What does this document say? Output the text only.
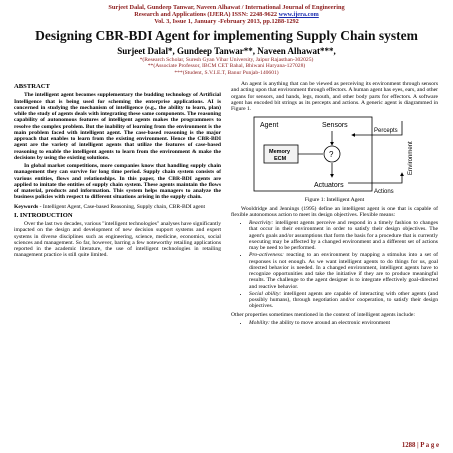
Surjeet Dalal, Gundeep Tanwar, Naveen Alhawat / International Journal of Engineering
Research and Applications (IJERA) ISSN: 2248-9622 www.ijera.com
Vol. 3, Issue 1, January -February 2013, pp.1288-1292
Designing CBR-BDI Agent for implementing Supply Chain system
Surjeet Dalal*, Gundeep Tanwar**, Naveen Alhawat***,
*(Research Scholar, Suresh Gyan Vihar University, Jaipur Rajasthan-302025)
**(Associate Professor, IBCM CET Bahal, Bhiwani Haryana-127028)
***(Student, S.V.I.E.T, Banur Punjab-140601)
ABSTRACT

The intelligent agent becomes supplementary the budding technology of Artificial Intelligence that is being used for scheming the enterprise applications. AI is concerned in studying the mechanism of intelligence (e.g., the ability to learn, plan) while the study of agents deals with integrating these same components. The reasoning capability of autonomous features of intelligent agents makes the programmers to resolve the complex problem. But the inability of learning from the environment is the main problem faced with intelligent agent. The case-based reasoning is the major approach that enables to learn from the existing environment. Hence the CBR-BDI agent are the variety of intelligent agents that utilize the features of case-based reasoning to enable the intelligent agents to learn from the environment & make the decisions by using the existing solutions.

In global market competitions, more companies know that handling supply chain management they can survive for long time period. Supply chain system consists of various entities, flows and relationships. In this paper, the CBR-BDI agents are applied to imitate the entities of supply chain system. These agents maintain the flows of material, products and information. This system helps managers to analyze the business policies with respect to different situations arising in the supply chain.

Keywords - Intelligent Agent, Case-based Reasoning, Supply chain, CBR-BDI agent
I. INTRODUCTION

Over the last two decades, various "intelligent technologies" analyses have significantly impacted on the design and development of new decision support systems and expert systems in diverse disciplines such as engineering, science, medicine, economics, social sciences and management. So far, however, barring a few noteworthy retailing applications reported in the academic literature, the use of intelligent technologies in retailing management practice is still quite limited.

An agent is anything that can be viewed as perceiving its environment through sensors and acting upon that environment through effectors. A human agent has eyes, ears, and other organs for sensors, and hands, legs, mouth, and other body parts for effectors. A software agent has encoded bit strings as its percepts and actions. A generic agent is diagrammed in Figure 1.

Agent	Sensors
Memory
ECM	?
Actuators
Percepts
Actions
Environment
Figure 1: Intelligent Agent

Wooldridge and Jennings (1995) define an intelligent agent is one that is capable of flexible autonomous action to meet its design objectives. Flexible means:

• Reactivity: intelligent agents perceive and respond in a timely fashion to changes that occur in their environment in order to satisfy their design objectives. The agent's goals and/or assumptions that form the basis for a procedure that is currently executing may be affected by a changed environment and a different set of actions may be need to be performed.
• Pro-activeness: reacting to an environment by mapping a stimulus into a set of responses is not enough. As we want intelligent agents to do things for us, goal directed behavior is needed. In a changed environment, intelligent agents have to recognize opportunities and take the initiative if they are to produce meaningful results. The challenge to the agent designer is to integrate effectively goal-directed and reactive behavior.
• Social ability: intelligent agents are capable of interacting with other agents (and possibly humans), through negotiation and/or cooperation, to satisfy their design objectives.

Other properties sometimes mentioned in the context of intelligent agents include:

• Mobility: the ability to move around an electronic environment
1288 | P a g e
